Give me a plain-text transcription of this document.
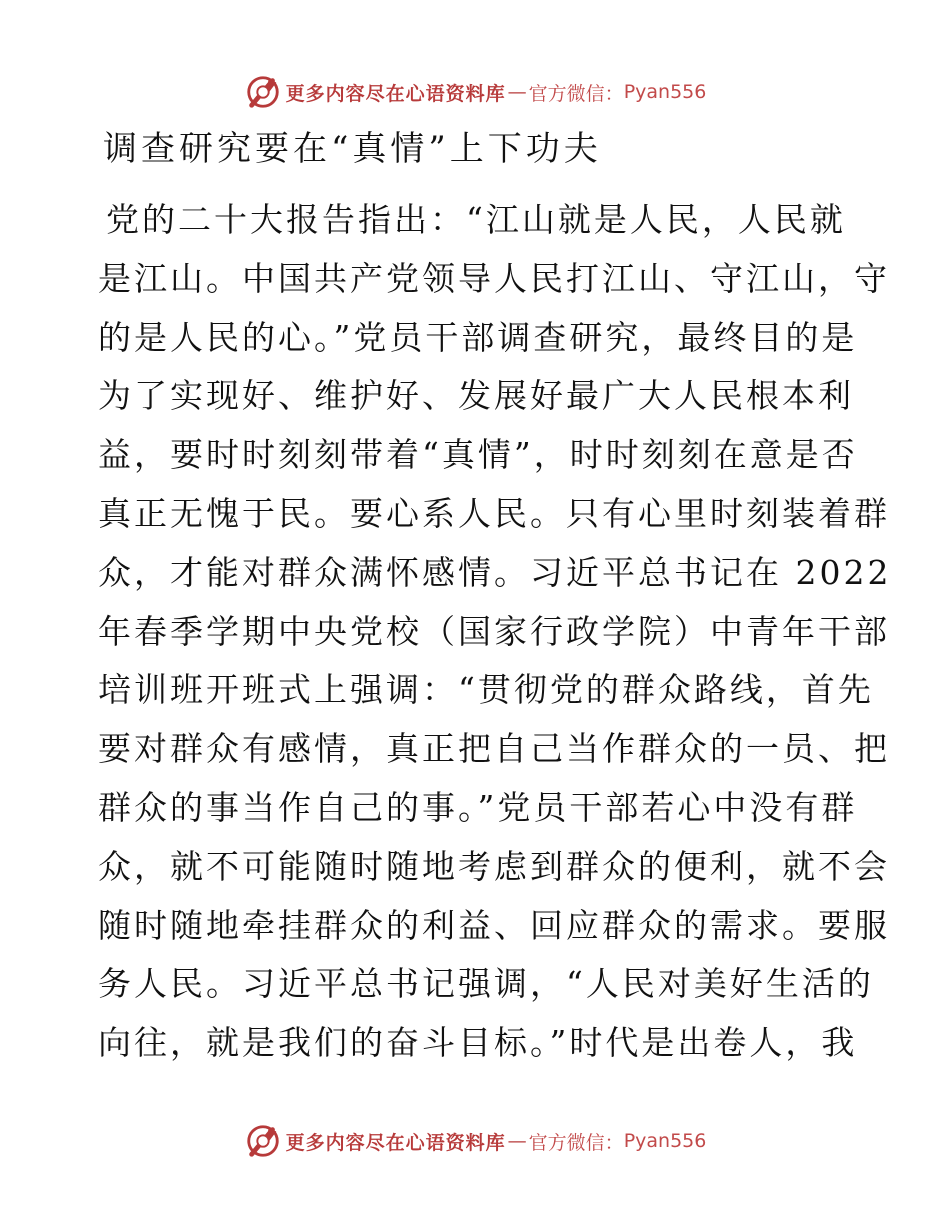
更多内容尽在心语资料库 — 官方微信： Pyan556
调查研究要在“真情”上下功夫
党的二十大报告指出：“江山就是人民，人民就
是江山。中国共产党领导人民打江山、守江山，守
的是人民的心。”党员干部调查研究，最终目的是
为了实现好、维护好、发展好最广大人民根本利
益，要时时刻刻带着“真情”，时时刻刻在意是否
真正无愧于民。要心系人民。只有心里时刻装着群
众，才能对群众满怀感情。习近平总书记在 2022
年春季学期中央党校（国家行政学院）中青年干部
培训班开班式上强调：“贯彻党的群众路线，首先
要对群众有感情，真正把自己当作群众的一员、把
群众的事当作自己的事。”党员干部若心中没有群
众，就不可能随时随地考虑到群众的便利，就不会
随时随地牵挂群众的利益、回应群众的需求。要服
务人民。习近平总书记强调，“人民对美好生活的
向往，就是我们的奋斗目标。”时代是出卷人，我
更多内容尽在心语资料库 — 官方微信： Pyan556
